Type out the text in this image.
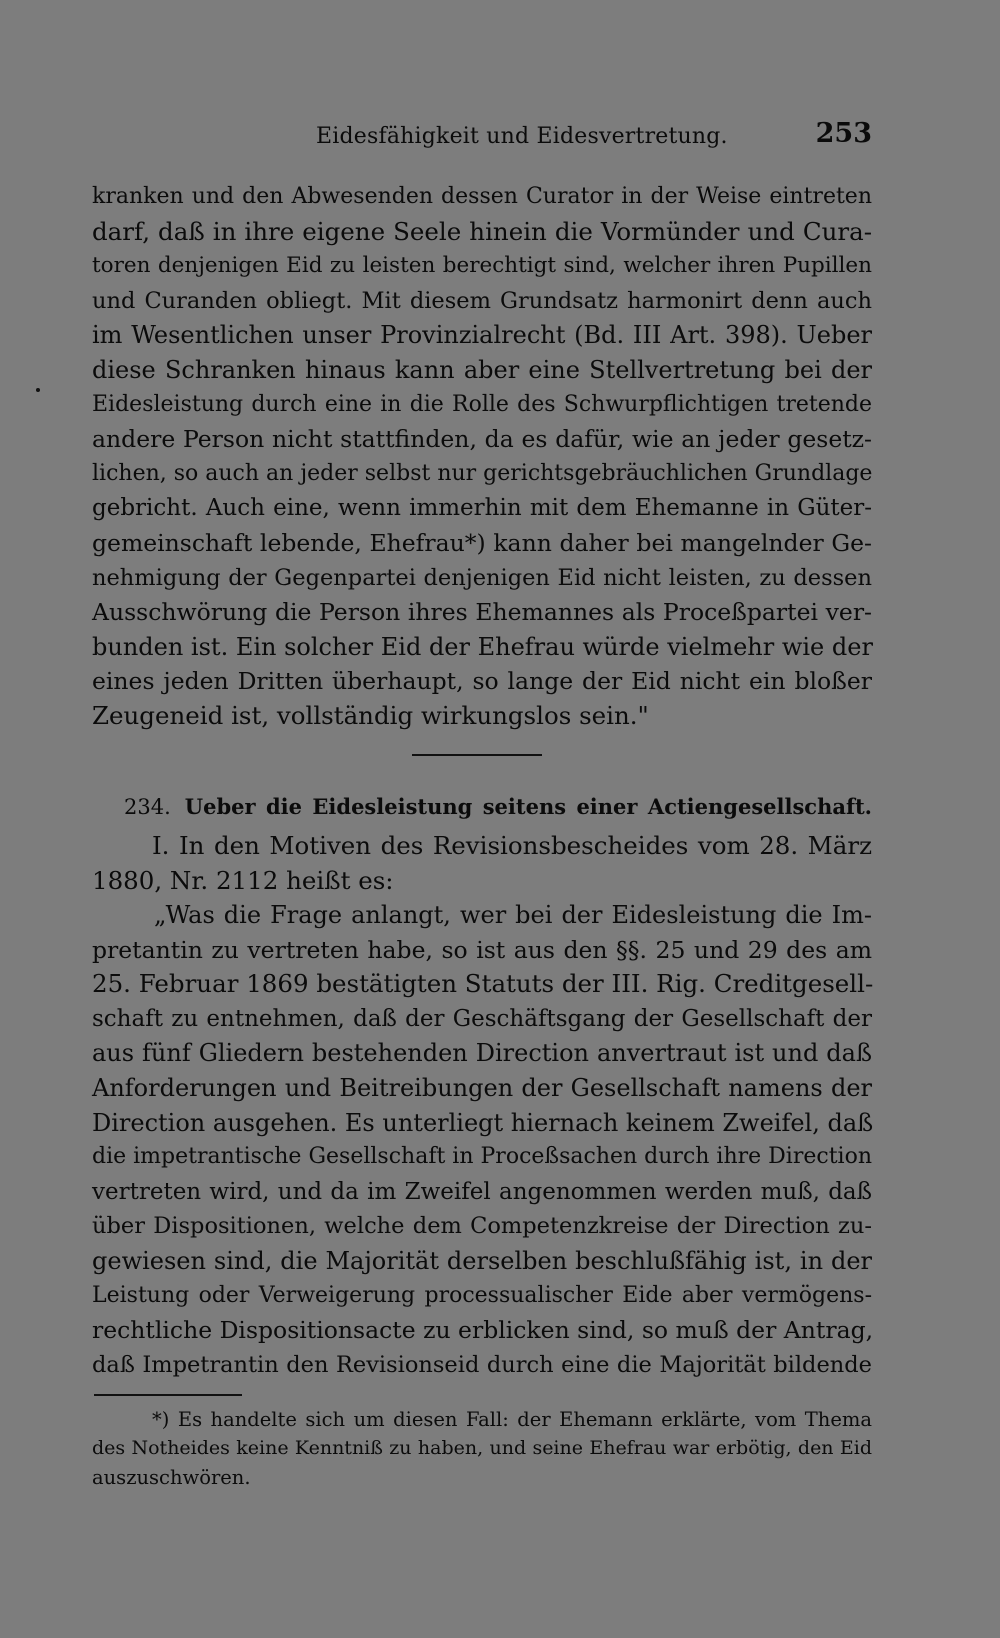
Eidesfähigkeit und Eidesvertretung.	253
kranken und den Abwesenden dessen Curator in der Weise eintreten
darf, daß in ihre eigene Seele hinein die Vormünder und Cura-
toren denjenigen Eid zu leisten berechtigt sind, welcher ihren Pupillen
und Curanden obliegt. Mit diesem Grundsatz harmonirt denn auch
im Wesentlichen unser Provinzialrecht (Bd. III Art. 398). Ueber
diese Schranken hinaus kann aber eine Stellvertretung bei der
Eidesleistung durch eine in die Rolle des Schwurpflichtigen tretende
andere Person nicht stattfinden, da es dafür, wie an jeder gesetz-
lichen, so auch an jeder selbst nur gerichtsgebräuchlichen Grundlage
gebricht. Auch eine, wenn immerhin mit dem Ehemanne in Güter-
gemeinschaft lebende, Ehefrau*) kann daher bei mangelnder Ge-
nehmigung der Gegenpartei denjenigen Eid nicht leisten, zu dessen
Ausschwörung die Person ihres Ehemannes als Proceßpartei ver-
bunden ist. Ein solcher Eid der Ehefrau würde vielmehr wie der
eines jeden Dritten überhaupt, so lange der Eid nicht ein bloßer
Zeugeneid ist, vollständig wirkungslos sein."
234. Ueber die Eidesleistung seitens einer Actiengesellschaft.
I. In den Motiven des Revisionsbescheides vom 28. März
1880, Nr. 2112 heißt es:
„Was die Frage anlangt, wer bei der Eidesleistung die Im-
pretantin zu vertreten habe, so ist aus den §§. 25 und 29 des am
25. Februar 1869 bestätigten Statuts der III. Rig. Creditgesell-
schaft zu entnehmen, daß der Geschäftsgang der Gesellschaft der
aus fünf Gliedern bestehenden Direction anvertraut ist und daß
Anforderungen und Beitreibungen der Gesellschaft namens der
Direction ausgehen. Es unterliegt hiernach keinem Zweifel, daß
die impetrantische Gesellschaft in Proceßsachen durch ihre Direction
vertreten wird, und da im Zweifel angenommen werden muß, daß
über Dispositionen, welche dem Competenzkreise der Direction zu-
gewiesen sind, die Majorität derselben beschlußfähig ist, in der
Leistung oder Verweigerung processualischer Eide aber vermögens-
rechtliche Dispositionsacte zu erblicken sind, so muß der Antrag,
daß Impetrantin den Revisionseid durch eine die Majorität bildende
*) Es handelte sich um diesen Fall: der Ehemann erklärte, vom Thema
des Notheides keine Kenntniß zu haben, und seine Ehefrau war erbötig, den Eid
auszuschwören.
